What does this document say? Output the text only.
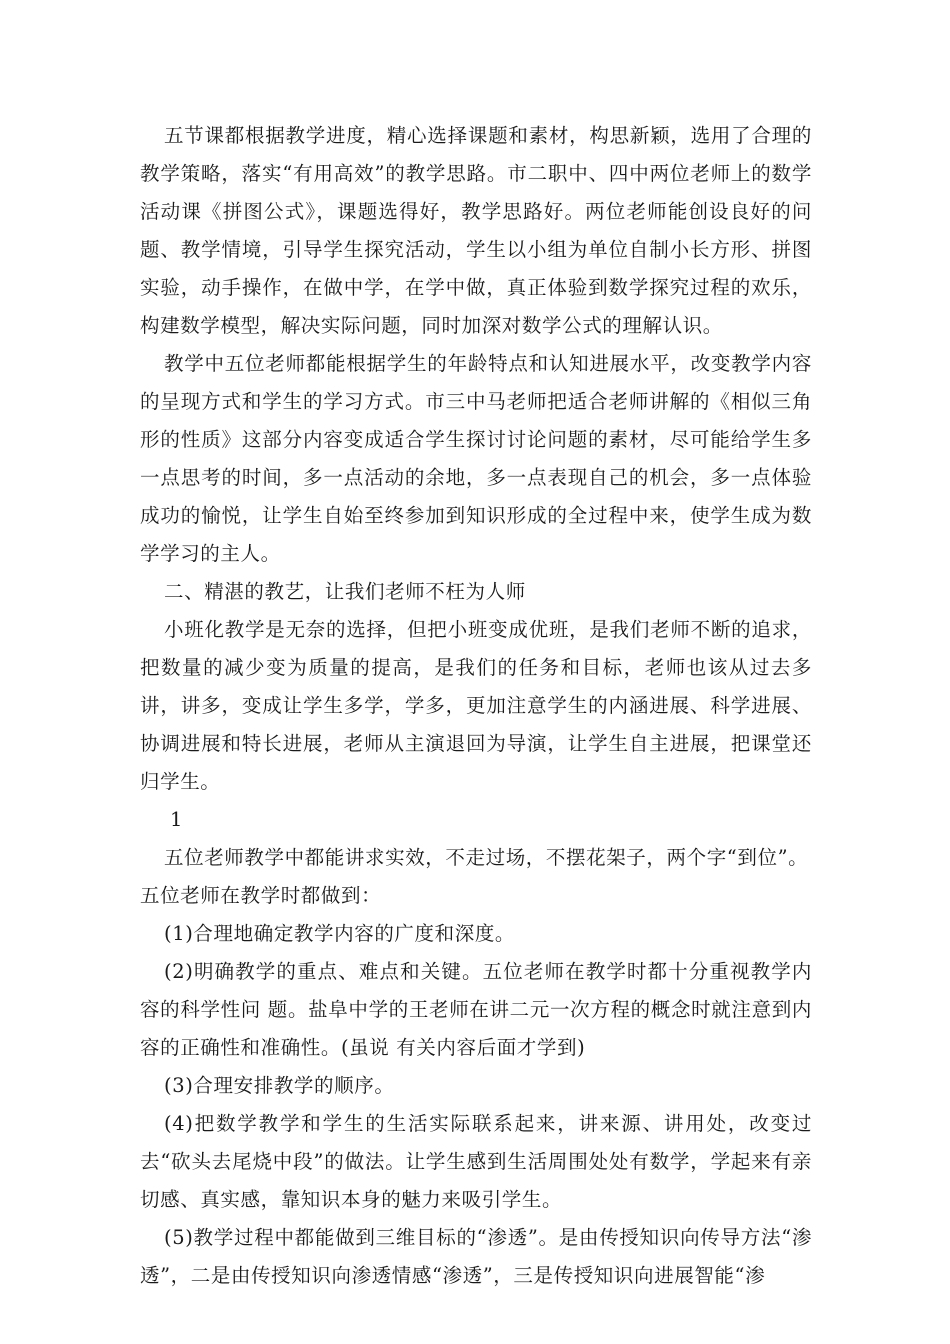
五节课都根据教学进度，精心选择课题和素材，构思新颖，选用了合理的教学策略，落实“有用高效”的教学思路。市二职中、四中两位老师上的数学活动课《拼图公式》，课题选得好，教学思路好。两位老师能创设良好的问题、教学情境，引导学生探究活动，学生以小组为单位自制小长方形、拼图实验，动手操作，在做中学，在学中做，真正体验到数学探究过程的欢乐，构建数学模型，解决实际问题，同时加深对数学公式的理解认识。

教学中五位老师都能根据学生的年龄特点和认知进展水平，改变教学内容的呈现方式和学生的学习方式。市三中马老师把适合老师讲解的《相似三角形的性质》这部分内容变成适合学生探讨讨论问题的素材，尽可能给学生多一点思考的时间，多一点活动的余地，多一点表现自己的机会，多一点体验成功的愉悦，让学生自始至终参加到知识形成的全过程中来，使学生成为数学学习的主人。

二、精湛的教艺，让我们老师不枉为人师

小班化教学是无奈的选择，但把小班变成优班，是我们老师不断的追求，把数量的减少变为质量的提高，是我们的任务和目标，老师也该从过去多讲，讲多，变成让学生多学，学多，更加注意学生的内涵进展、科学进展、协调进展和特长进展，老师从主演退回为导演，让学生自主进展，把课堂还归学生。

1

五位老师教学中都能讲求实效，不走过场，不摆花架子，两个字“到位”。

五位老师在教学时都做到：

(1)合理地确定教学内容的广度和深度。

(2)明确教学的重点、难点和关键。五位老师在教学时都十分重视教学内容的科学性问 题。盐阜中学的王老师在讲二元一次方程的概念时就注意到内容的正确性和准确性。(虽说 有关内容后面才学到)

(3)合理安排教学的顺序。

(4)把数学教学和学生的生活实际联系起来，讲来源、讲用处，改变过去“砍头去尾烧中段”的做法。让学生感到生活周围处处有数学，学起来有亲切感、真实感，靠知识本身的魅力来吸引学生。

(5)教学过程中都能做到三维目标的“渗透”。是由传授知识向传导方法“渗透”，二是由传授知识向渗透情感“渗透”，三是传授知识向进展智能“渗
